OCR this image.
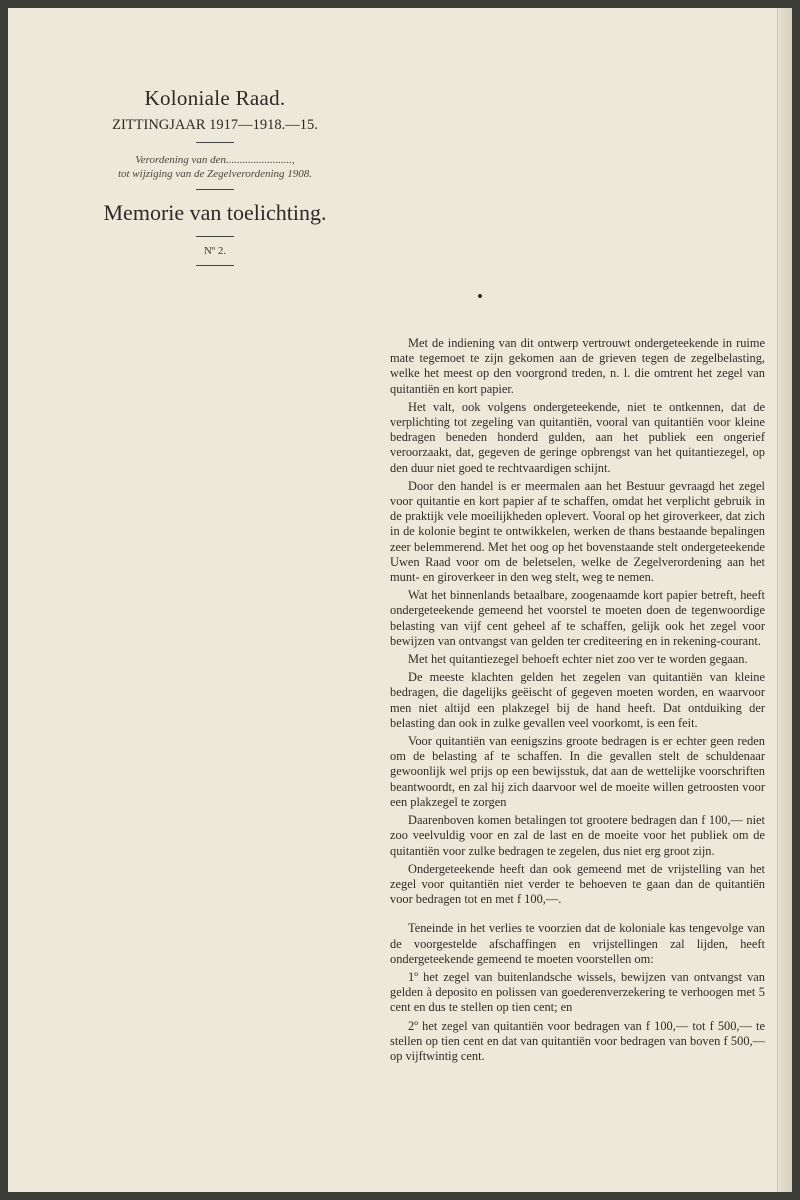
Koloniale Raad.
ZITTINGJAAR 1917—1918.—15.
Verordening van den........................,
tot wijziging van de Zegelverordening 1908.
Memorie van toelichting.
Nº 2.

Met de indiening van dit ontwerp vertrouwt ondergeteekende in ruime mate tegemoet te zijn gekomen aan de grieven tegen de zegelbelasting, welke het meest op den voorgrond treden, n. l. die omtrent het zegel van quitantiën en kort papier.

Het valt, ook volgens ondergeteekende, niet te ontkennen, dat de verplichting tot zegeling van quitantiën, vooral van quitantiën voor kleine bedragen beneden honderd gulden, aan het publiek een ongerief veroorzaakt, dat, gegeven de geringe opbrengst van het quitantiezegel, op den duur niet goed te rechtvaardigen schijnt.

Door den handel is er meermalen aan het Bestuur gevraagd het zegel voor quitantie en kort papier af te schaffen, omdat het verplicht gebruik in de praktijk vele moeilijkheden oplevert. Vooral op het giroverkeer, dat zich in de kolonie begint te ontwikkelen, werken de thans bestaande bepalingen zeer belemmerend. Met het oog op het bovenstaande stelt ondergeteekende Uwen Raad voor om de beletselen, welke de Zegelverordening aan het munt- en giroverkeer in den weg stelt, weg te nemen.

Wat het binnenlands betaalbare, zoogenaamde kort papier betreft, heeft ondergeteekende gemeend het voorstel te moeten doen de tegenwoordige belasting van vijf cent geheel af te schaffen, gelijk ook het zegel voor bewijzen van ontvangst van gelden ter crediteering en in rekening-courant.

Met het quitantiezegel behoeft echter niet zoo ver te worden gegaan.

De meeste klachten gelden het zegelen van quitantiën van kleine bedragen, die dagelijks geëischt of gegeven moeten worden, en waarvoor men niet altijd een plakzegel bij de hand heeft. Dat ontduiking der belasting dan ook in zulke gevallen veel voorkomt, is een feit.

Voor quitantiën van eenigszins groote bedragen is er echter geen reden om de belasting af te schaffen. In die gevallen stelt de schuldenaar gewoonlijk wel prijs op een bewijsstuk, dat aan de wettelijke voorschriften beantwoordt, en zal hij zich daarvoor wel de moeite willen getroosten voor een plakzegel te zorgen

Daarenboven komen betalingen tot grootere bedragen dan f 100,— niet zoo veelvuldig voor en zal de last en de moeite voor het publiek om de quitantiën voor zulke bedragen te zegelen, dus niet erg groot zijn.

Ondergeteekende heeft dan ook gemeend met de vrijstelling van het zegel voor quitantiën niet verder te behoeven te gaan dan de quitantiën voor bedragen tot en met f 100,—.

Teneinde in het verlies te voorzien dat de koloniale kas tengevolge van de voorgestelde afschaffingen en vrijstellingen zal lijden, heeft ondergeteekende gemeend te moeten voorstellen om:

1º het zegel van buitenlandsche wissels, bewijzen van ontvangst van gelden à deposito en polissen van goederenverzekering te verhoogen met 5 cent en dus te stellen op tien cent; en

2º het zegel van quitantiën voor bedragen van f 100,— tot f 500,— te stellen op tien cent en dat van quitantiën voor bedragen van boven f 500,— op vijftwintig cent.
